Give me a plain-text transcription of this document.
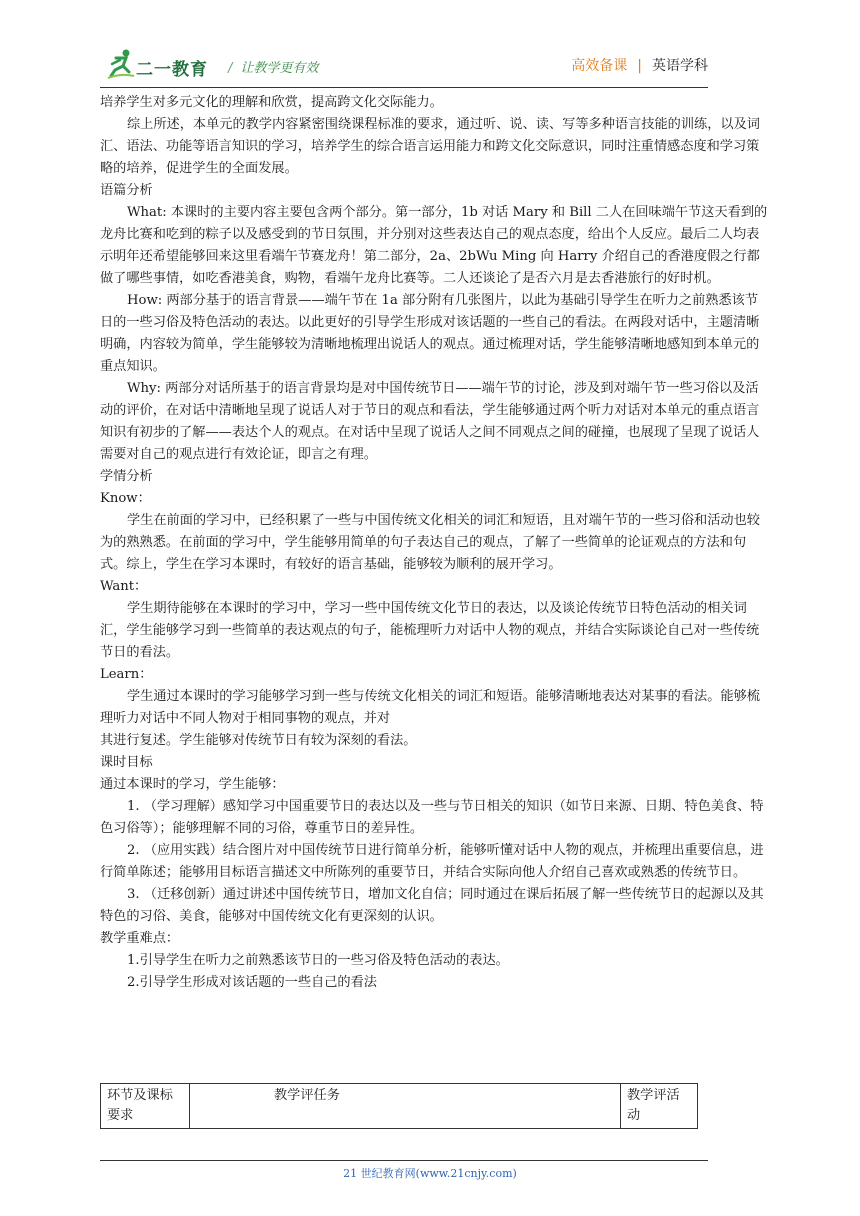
二一教育 / 让教学更有效	高效备课 | 英语学科

培养学生对多元文化的理解和欣赏，提高跨文化交际能力。

综上所述，本单元的教学内容紧密围绕课程标准的要求，通过听、说、读、写等多种语言技能的训练，以及词汇、语法、功能等语言知识的学习，培养学生的综合语言运用能力和跨文化交际意识，同时注重情感态度和学习策略的培养，促进学生的全面发展。

语篇分析

What: 本课时的主要内容主要包含两个部分。第一部分，1b 对话 Mary 和 Bill 二人在回味端午节这天看到的龙舟比赛和吃到的粽子以及感受到的节日氛围，并分别对这些表达自己的观点态度，给出个人反应。最后二人均表示明年还希望能够回来这里看端午节赛龙舟！第二部分，2a、2bWu Ming 向 Harry 介绍自己的香港度假之行都做了哪些事情，如吃香港美食，购物，看端午龙舟比赛等。二人还谈论了是否六月是去香港旅行的好时机。

How: 两部分基于的语言背景——端午节在 1a 部分附有几张图片，以此为基础引导学生在听力之前熟悉该节日的一些习俗及特色活动的表达。以此更好的引导学生形成对该话题的一些自己的看法。在两段对话中，主题清晰明确，内容较为简单，学生能够较为清晰地梳理出说话人的观点。通过梳理对话，学生能够清晰地感知到本单元的重点知识。

Why: 两部分对话所基于的语言背景均是对中国传统节日——端午节的讨论，涉及到对端午节一些习俗以及活动的评价，在对话中清晰地呈现了说话人对于节日的观点和看法，学生能够通过两个听力对话对本单元的重点语言知识有初步的了解——表达个人的观点。在对话中呈现了说话人之间不同观点之间的碰撞，也展现了呈现了说话人需要对自己的观点进行有效论证，即言之有理。

学情分析

Know：

学生在前面的学习中，已经积累了一些与中国传统文化相关的词汇和短语，且对端午节的一些习俗和活动也较为的熟熟悉。在前面的学习中，学生能够用简单的句子表达自己的观点，了解了一些简单的论证观点的方法和句式。综上，学生在学习本课时，有较好的语言基础，能够较为顺利的展开学习。

Want：

学生期待能够在本课时的学习中，学习一些中国传统文化节日的表达，以及谈论传统节日特色活动的相关词汇，学生能够学习到一些简单的表达观点的句子，能梳理听力对话中人物的观点，并结合实际谈论自己对一些传统节日的看法。

Learn：

学生通过本课时的学习能够学习到一些与传统文化相关的词汇和短语。能够清晰地表达对某事的看法。能够梳理听力对话中不同人物对于相同事物的观点，并对

其进行复述。学生能够对传统节日有较为深刻的看法。

课时目标

通过本课时的学习，学生能够：

1. （学习理解）感知学习中国重要节日的表达以及一些与节日相关的知识（如节日来源、日期、特色美食、特色习俗等）；能够理解不同的习俗，尊重节日的差异性。

2. （应用实践）结合图片对中国传统节日进行简单分析，能够听懂对话中人物的观点，并梳理出重要信息，进行简单陈述；能够用目标语言描述文中所陈列的重要节日，并结合实际向他人介绍自己喜欢或熟悉的传统节日。

3. （迁移创新）通过讲述中国传统节日，增加文化自信；同时通过在课后拓展了解一些传统节日的起源以及其特色的习俗、美食，能够对中国传统文化有更深刻的认识。

教学重难点：

1.引导学生在听力之前熟悉该节日的一些习俗及特色活动的表达。

2.引导学生形成对该话题的一些自己的看法

环节及课标要求	教学评任务	教学评活动
21 世纪教育网(www.21cnjy.com)
